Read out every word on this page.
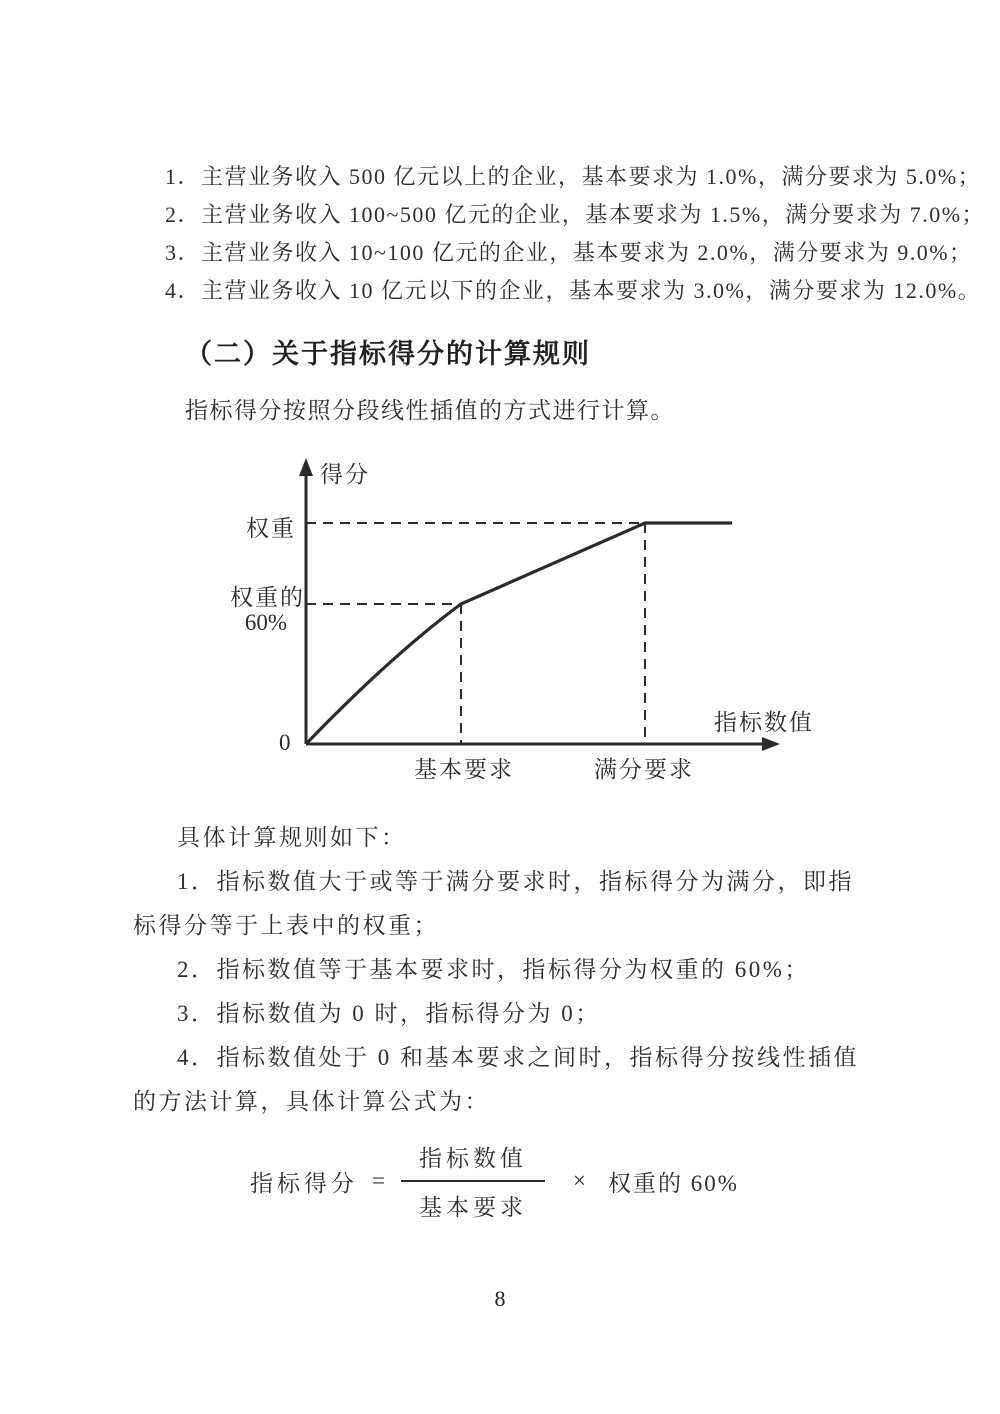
1．主营业务收入 500 亿元以上的企业，基本要求为 1.0%，满分要求为 5.0%；
2．主营业务收入 100~500 亿元的企业，基本要求为 1.5%，满分要求为 7.0%；
3．主营业务收入 10~100 亿元的企业，基本要求为 2.0%，满分要求为 9.0%；
4．主营业务收入 10 亿元以下的企业，基本要求为 3.0%，满分要求为 12.0%。
（二）关于指标得分的计算规则
指标得分按照分段线性插值的方式进行计算。
得分
权重
权重的
60%
0
基本要求	满分要求
指标数值
具体计算规则如下：
1．指标数值大于或等于满分要求时，指标得分为满分，即指
标得分等于上表中的权重；
2．指标数值等于基本要求时，指标得分为权重的 60%；
3．指标数值为 0 时，指标得分为 0；
4．指标数值处于 0 和基本要求之间时，指标得分按线性插值
的方法计算，具体计算公式为：
指标得分 = $\frac{\text{指标数值}}{\text{基本要求}}$ × 权重的 60%
8
